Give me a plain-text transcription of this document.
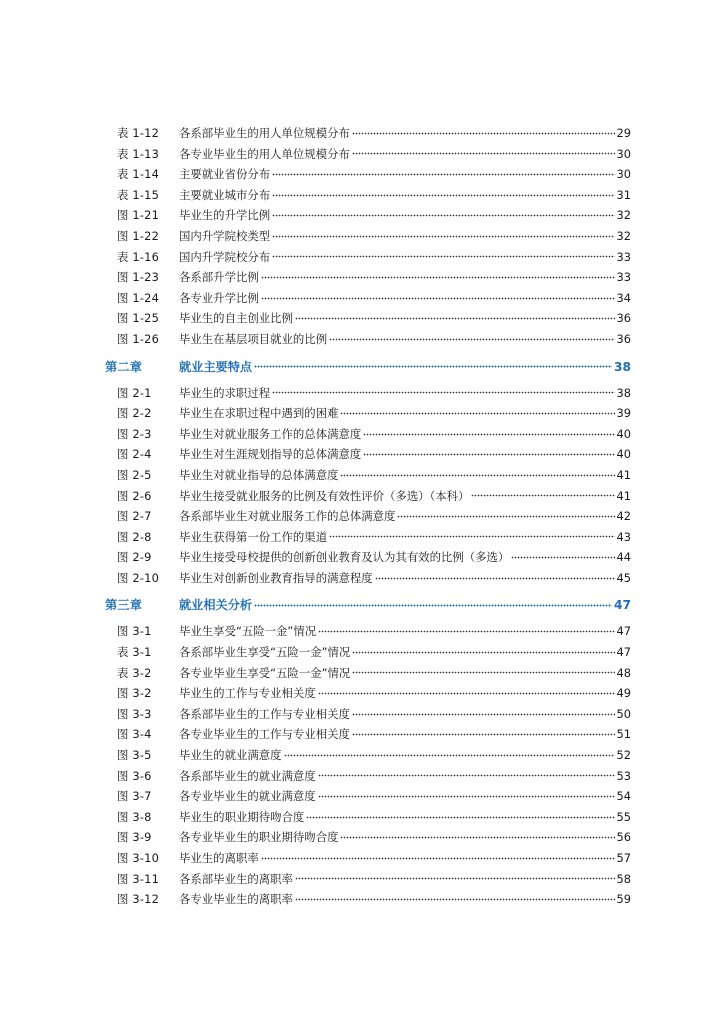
表 1-12	各系部毕业生的用人单位规模分布	29
表 1-13	各专业毕业生的用人单位规模分布	30
表 1-14	主要就业省份分布	30
表 1-15	主要就业城市分布	31
图 1-21	毕业生的升学比例	32
图 1-22	国内升学院校类型	32
表 1-16	国内升学院校分布	33
图 1-23	各系部升学比例	33
图 1-24	各专业升学比例	34
图 1-25	毕业生的自主创业比例	36
图 1-26	毕业生在基层项目就业的比例	36
第二章	就业主要特点	38
图 2-1	毕业生的求职过程	38
图 2-2	毕业生在求职过程中遇到的困难	39
图 2-3	毕业生对就业服务工作的总体满意度	40
图 2-4	毕业生对生涯规划指导的总体满意度	40
图 2-5	毕业生对就业指导的总体满意度	41
图 2-6	毕业生接受就业服务的比例及有效性评价（多选）（本科）	41
图 2-7	各系部毕业生对就业服务工作的总体满意度	42
图 2-8	毕业生获得第一份工作的渠道	43
图 2-9	毕业生接受母校提供的创新创业教育及认为其有效的比例（多选）	44
图 2-10	毕业生对创新创业教育指导的满意程度	45
第三章	就业相关分析	47
图 3-1	毕业生享受“五险一金”情况	47
表 3-1	各系部毕业生享受“五险一金”情况	47
表 3-2	各专业毕业生享受“五险一金”情况	48
图 3-2	毕业生的工作与专业相关度	49
图 3-3	各系部毕业生的工作与专业相关度	50
图 3-4	各专业毕业生的工作与专业相关度	51
图 3-5	毕业生的就业满意度	52
图 3-6	各系部毕业生的就业满意度	53
图 3-7	各专业毕业生的就业满意度	54
图 3-8	毕业生的职业期待吻合度	55
图 3-9	各专业毕业生的职业期待吻合度	56
图 3-10	毕业生的离职率	57
图 3-11	各系部毕业生的离职率	58
图 3-12	各专业毕业生的离职率	59
